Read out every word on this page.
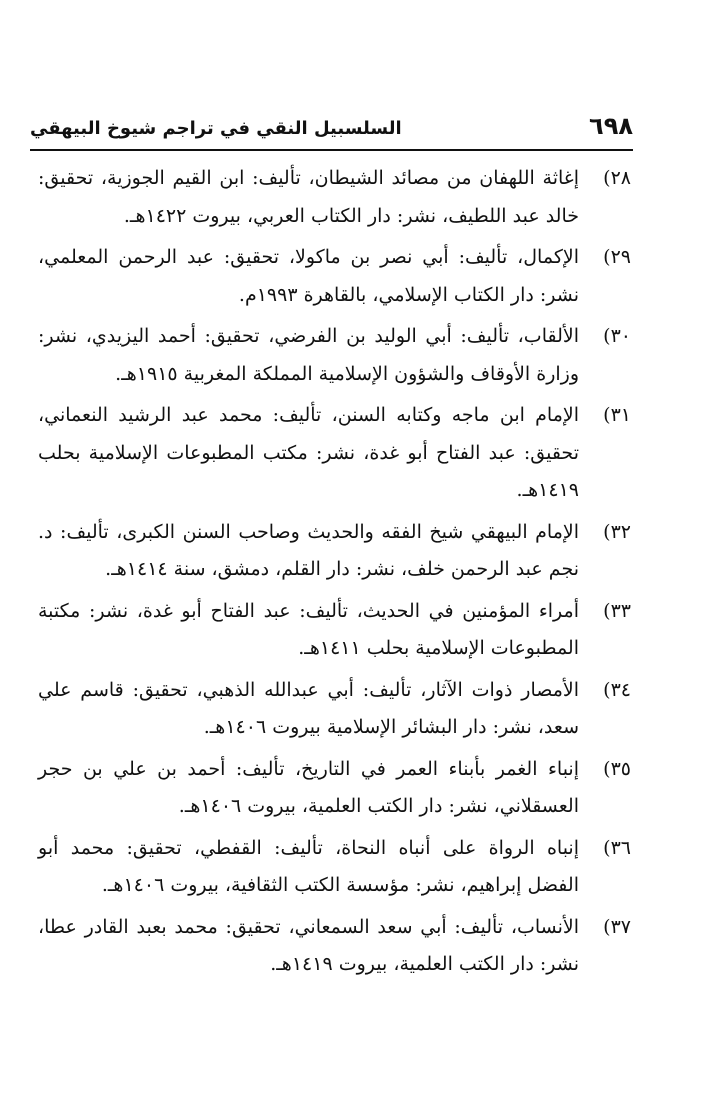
٦٩٨
السلسبيل النقي في تراجم شيوخ البيهقي
٢٨)
إغاثة اللهفان من مصائد الشيطان، تأليف: ابن القيم الجوزية، تحقيق: خالد عبد اللطيف، نشر: دار الكتاب العربي، بيروت ١٤٢٢هـ.
٢٩)
الإكمال، تأليف: أبي نصر بن ماكولا، تحقيق: عبد الرحمن المعلمي، نشر: دار الكتاب الإسلامي، بالقاهرة ١٩٩٣م.
٣٠)
الألقاب، تأليف: أبي الوليد بن الفرضي، تحقيق: أحمد اليزيدي، نشر: وزارة الأوقاف والشؤون الإسلامية المملكة المغربية ١٩١٥هـ.
٣١)
الإمام ابن ماجه وكتابه السنن، تأليف: محمد عبد الرشيد النعماني، تحقيق: عبد الفتاح أبو غدة، نشر: مكتب المطبوعات الإسلامية بحلب ١٤١٩هـ.
٣٢)
الإمام البيهقي شيخ الفقه والحديث وصاحب السنن الكبرى، تأليف: د. نجم عبد الرحمن خلف، نشر: دار القلم، دمشق، سنة ١٤١٤هـ.
٣٣)
أمراء المؤمنين في الحديث، تأليف: عبد الفتاح أبو غدة، نشر: مكتبة المطبوعات الإسلامية بحلب ١٤١١هـ.
٣٤)
الأمصار ذوات الآثار، تأليف: أبي عبدالله الذهبي، تحقيق: قاسم علي سعد، نشر: دار البشائر الإسلامية بيروت ١٤٠٦هـ.
٣٥)
إنباء الغمر بأبناء العمر في التاريخ، تأليف: أحمد بن علي بن حجر العسقلاني، نشر: دار الكتب العلمية، بيروت ١٤٠٦هـ.
٣٦)
إنباه الرواة على أنباه النحاة، تأليف: القفطي، تحقيق: محمد أبو الفضل إبراهيم، نشر: مؤسسة الكتب الثقافية، بيروت ١٤٠٦هـ.
٣٧)
الأنساب، تأليف: أبي سعد السمعاني، تحقيق: محمد بعبد القادر عطا، نشر: دار الكتب العلمية، بيروت ١٤١٩هـ.
